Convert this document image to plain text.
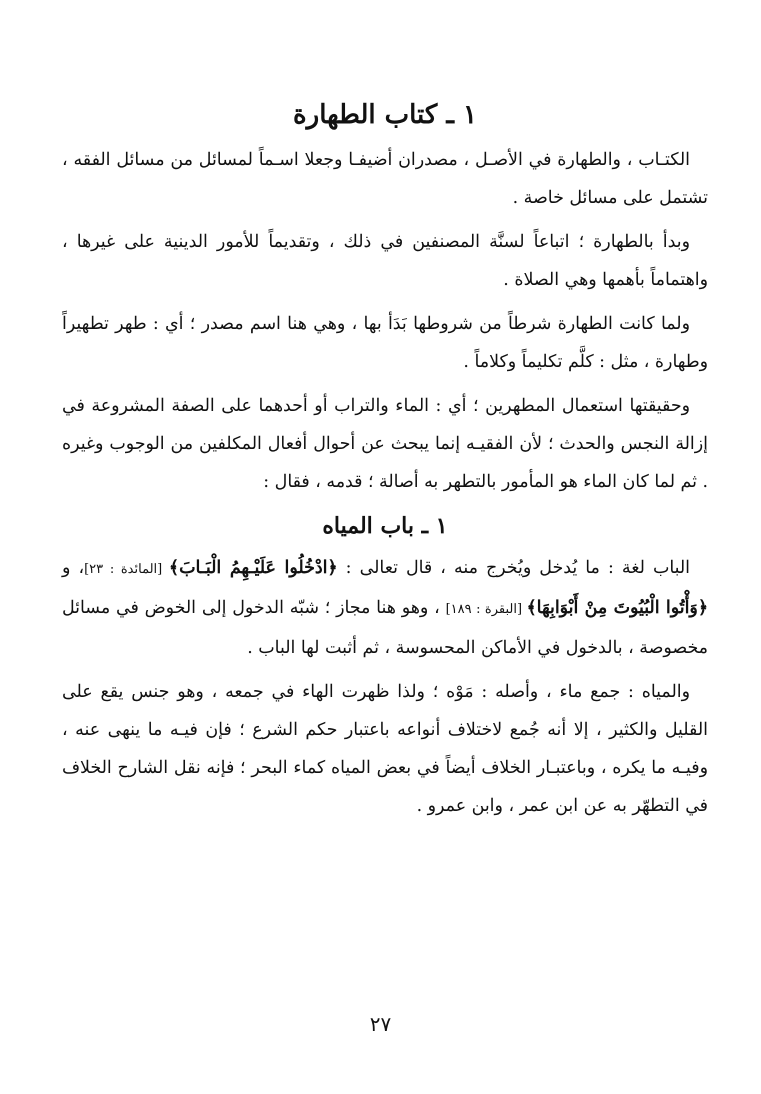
١ ـ كتاب الطهارة

الكتـاب ، والطهارة في الأصـل ، مصدران أضيفـا وجعلا اسـماً لمسائل من مسائل الفقه ، تشتمل على مسائل خاصة .

وبدأ بالطهارة ؛ اتباعاً لسنَّة المصنفين في ذلك ، وتقديماً للأمور الدينية على غيرها ، واهتماماً بأهمها وهي الصلاة .

ولما كانت الطهارة شرطاً من شروطها بَدَأ بها ، وهي هنا اسم مصدر ؛ أي : طهر تطهيراً وطهارة ، مثل : كلَّم تكليماً وكلاماً .

وحقيقتها استعمال المطهرين ؛ أي : الماء والتراب أو أحدهما على الصفة المشروعة في إزالة النجس والحدث ؛ لأن الفقيـه إنما يبحث عن أحوال أفعال المكلفين من الوجوب وغيره . ثم لما كان الماء هو المأمور بالتطهر به أصالة ؛ قدمه ، فقال :

١ ـ باب المياه

الباب لغة : ما يُدخل ويُخرج منه ، قال تعالى : ﴿ادْخُلُوا عَلَيْـهِمُ الْبَـابَ﴾ [المائدة : ٢٣]، و ﴿وَأْتُوا الْبُيُوتَ مِنْ أَبْوَابِهَا﴾ [البقرة : ١٨٩] ، وهو هنا مجاز ؛ شبّه الدخول إلى الخوض في مسائل مخصوصة ، بالدخول في الأماكن المحسوسة ، ثم أثبت لها الباب .

والمياه : جمع ماء ، وأصله : مَوْه ؛ ولذا ظهرت الهاء في جمعه ، وهو جنس يقع على القليل والكثير ، إلا أنه جُمع لاختلاف أنواعه باعتبار حكم الشرع ؛ فإن فيـه ما ينهى عنه ، وفيـه ما يكره ، وباعتبـار الخلاف أيضاً في بعض المياه كماء البحر ؛ فإنه نقل الشارح الخلاف في التطهّر به عن ابن عمر ، وابن عمرو .

٢٧
